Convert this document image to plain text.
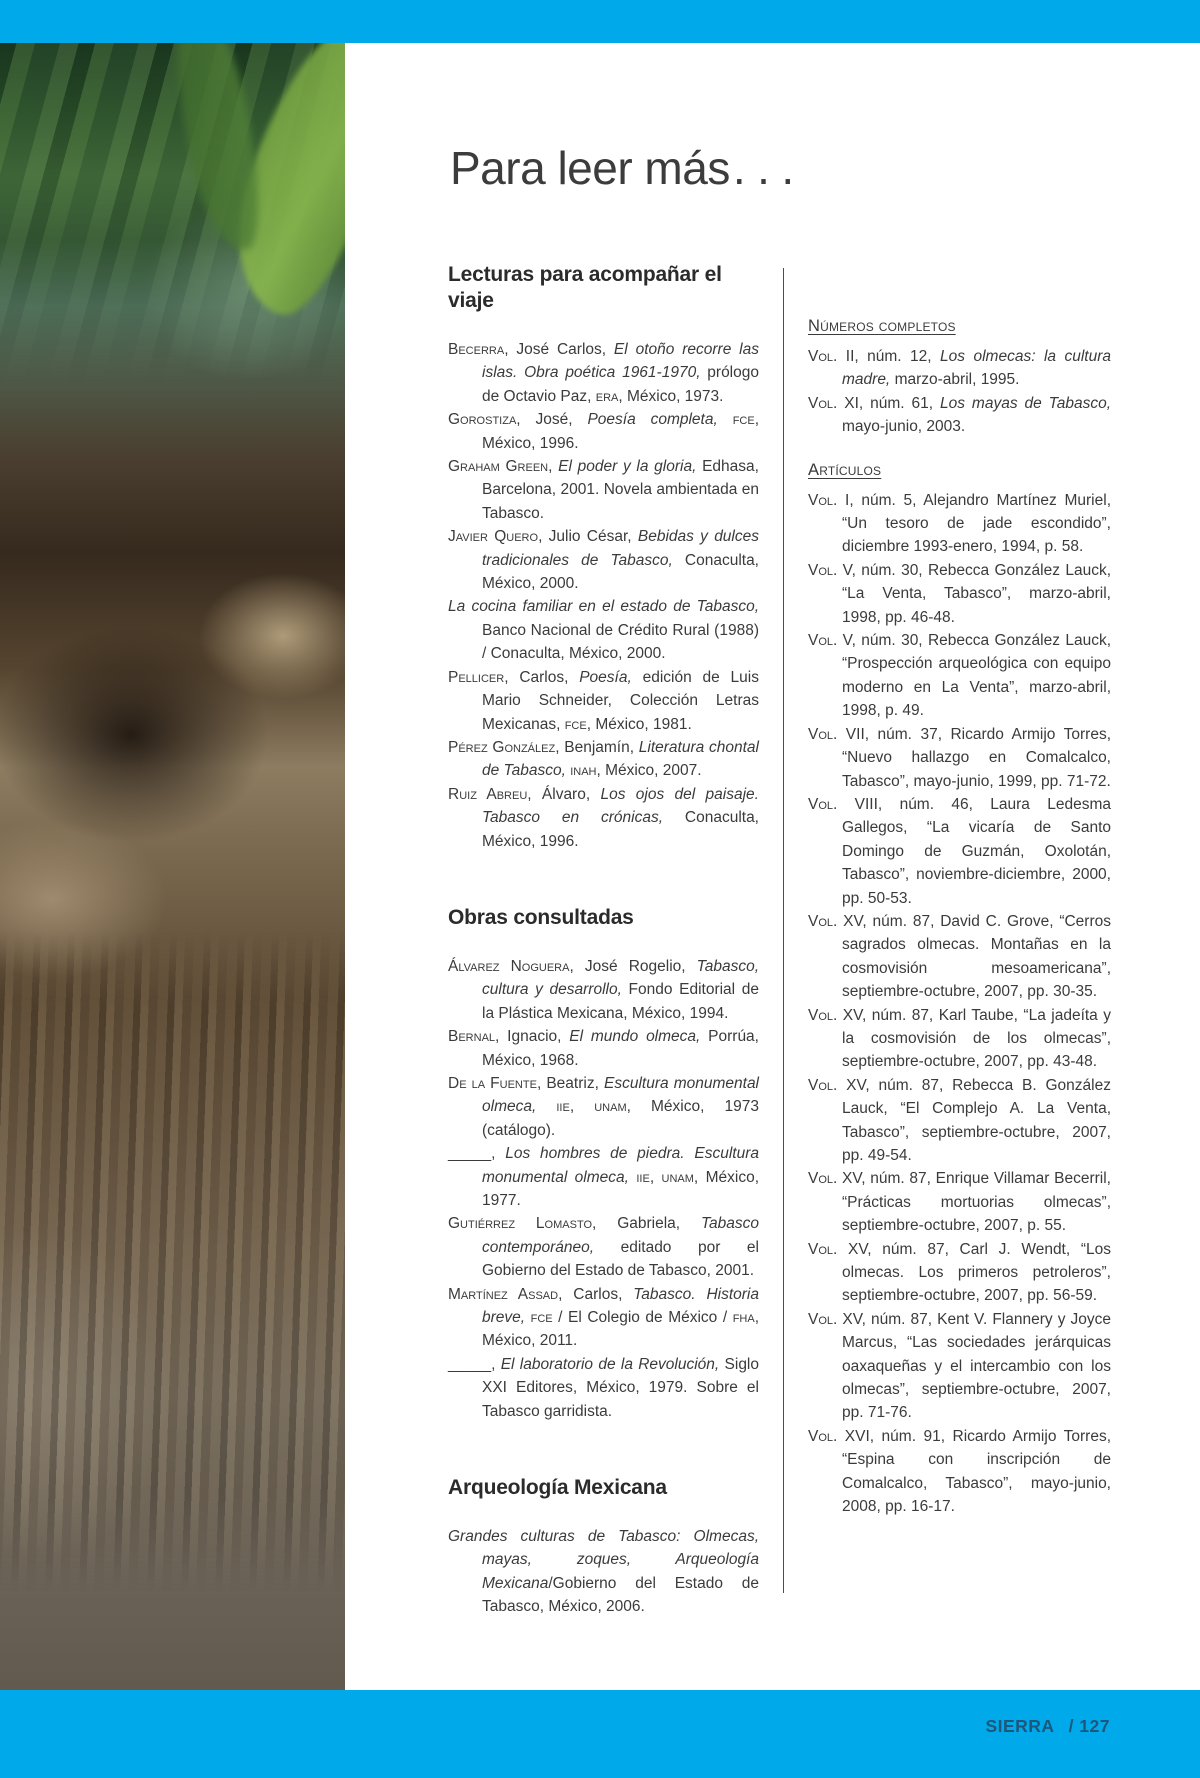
Para leer más...
Lecturas para acompañar el viaje

Becerra, José Carlos, El otoño recorre las islas. Obra poética 1961-1970, prólogo de Octavio Paz, era, México, 1973.

Gorostiza, José, Poesía completa, fce, México, 1996.

Graham Green, El poder y la gloria, Edhasa, Barcelona, 2001. Novela ambientada en Tabasco.

Javier Quero, Julio César, Bebidas y dulces tradicionales de Tabasco, Conaculta, México, 2000.

La cocina familiar en el estado de Tabasco, Banco Nacional de Crédito Rural (1988) / Conaculta, México, 2000.

Pellicer, Carlos, Poesía, edición de Luis Mario Schneider, Colección Letras Mexicanas, fce, México, 1981.

Pérez González, Benjamín, Literatura chontal de Tabasco, inah, México, 2007.

Ruiz Abreu, Álvaro, Los ojos del paisaje. Tabasco en crónicas, Conaculta, México, 1996.

Obras consultadas

Álvarez Noguera, José Rogelio, Tabasco, cultura y desarrollo, Fondo Editorial de la Plástica Mexicana, México, 1994.

Bernal, Ignacio, El mundo olmeca, Porrúa, México, 1968.

De la Fuente, Beatriz, Escultura monumental olmeca, iie, unam, México, 1973 (catálogo).

_____, Los hombres de piedra. Escultura monumental olmeca, iie, unam, México, 1977.

Gutiérrez Lomasto, Gabriela, Tabasco contemporáneo, editado por el Gobierno del Estado de Tabasco, 2001.

Martínez Assad, Carlos, Tabasco. Historia breve, fce / El Colegio de México / fha, México, 2011.

_____, El laboratorio de la Revolución, Siglo XXI Editores, México, 1979. Sobre el Tabasco garridista.

Arqueología Mexicana

Grandes culturas de Tabasco: Olmecas, mayas, zoques, Arqueología Mexicana/Gobierno del Estado de Tabasco, México, 2006.

Números completos

Vol. II, núm. 12, Los olmecas: la cultura madre, marzo-abril, 1995.

Vol. XI, núm. 61, Los mayas de Tabasco, mayo-junio, 2003.

Artículos

Vol. I, núm. 5, Alejandro Martínez Muriel, “Un tesoro de jade escondido”, diciembre 1993-enero, 1994, p. 58.

Vol. V, núm. 30, Rebecca González Lauck, “La Venta, Tabasco”, marzo-abril, 1998, pp. 46-48.

Vol. V, núm. 30, Rebecca González Lauck, “Prospección arqueológica con equipo moderno en La Venta”, marzo-abril, 1998, p. 49.

Vol. VII, núm. 37, Ricardo Armijo Torres, “Nuevo hallazgo en Comalcalco, Tabasco”, mayo-junio, 1999, pp. 71-72.

Vol. VIII, núm. 46, Laura Ledesma Gallegos, “La vicaría de Santo Domingo de Guzmán, Oxolotán, Tabasco”, noviembre-diciembre, 2000, pp. 50-53.

Vol. XV, núm. 87, David C. Grove, “Cerros sagrados olmecas. Montañas en la cosmovisión mesoamericana”, septiembre-octubre, 2007, pp. 30-35.

Vol. XV, núm. 87, Karl Taube, “La jadeíta y la cosmovisión de los olmecas”, septiembre-octubre, 2007, pp. 43-48.

Vol. XV, núm. 87, Rebecca B. González Lauck, “El Complejo A. La Venta, Tabasco”, septiembre-octubre, 2007, pp. 49-54.

Vol. XV, núm. 87, Enrique Villamar Becerril, “Prácticas mortuorias olmecas”, septiembre-octubre, 2007, p. 55.

Vol. XV, núm. 87, Carl J. Wendt, “Los olmecas. Los primeros petroleros”, septiembre-octubre, 2007, pp. 56-59.

Vol. XV, núm. 87, Kent V. Flannery y Joyce Marcus, “Las sociedades jerárquicas oaxaqueñas y el intercambio con los olmecas”, septiembre-octubre, 2007, pp. 71-76.

Vol. XVI, núm. 91, Ricardo Armijo Torres, “Espina con inscripción de Comalcalco, Tabasco”, mayo-junio, 2008, pp. 16-17.

SIERRA / 127
